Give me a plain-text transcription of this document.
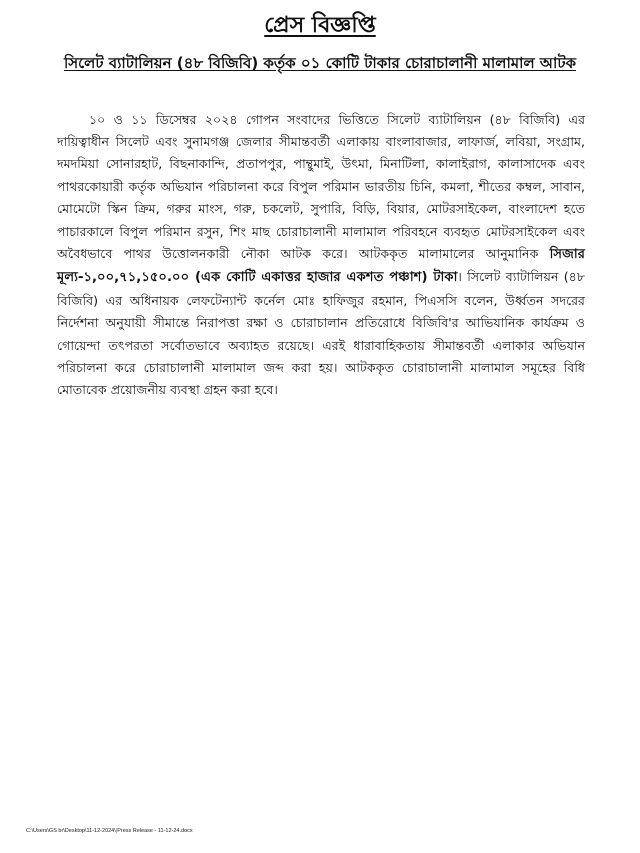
প্রেস বিজ্ঞপ্তি
সিলেট ব্যাটালিয়ন (৪৮ বিজিবি) কর্তৃক ০১ কোটি টাকার চোরাচালানী মালামাল আটক

১০ ও ১১ ডিসেম্বর ২০২৪ গোপন সংবাদের ভিত্তিতে সিলেট ব্যাটালিয়ন (৪৮ বিজিবি) এর দায়িত্বাধীন সিলেট এবং সুনামগঞ্জ জেলার সীমান্তবর্তী এলাকায় বাংলাবাজার, লাফার্জ, লবিয়া, সংগ্রাম, দমদমিয়া সোনারহাট, বিছনাকান্দি, প্রতাপপুর, পান্থুমাই, উৎমা, মিনাটিলা, কালাইরাগ, কালাসাদেক এবং পাথরকোয়ারী কর্তৃক অভিযান পরিচালনা করে বিপুল পরিমান ভারতীয় চিনি, কমলা, শীতের কম্বল, সাবান, মোমেটো স্কিন ক্রিম, গরুর মাংস, গরু, চকলেট, সুপারি, বিড়ি, বিয়ার, মোটরসাইকেল, বাংলাদেশ হতে পাচারকালে বিপুল পরিমান রসুন, শিং মাছ চোরাচালানী মালামাল পরিবহনে ব্যবহৃত মোটরসাইকেল এবং অবৈধভাবে পাথর উত্তোলনকারী নৌকা আটক করে। আটককৃত মালামালের আনুমানিক সিজার মূল্য-১,০০,৭১,১৫০.০০ (এক কোটি একাত্তর হাজার একশত পঞ্চাশ) টাকা। সিলেট ব্যাটালিয়ন (৪৮ বিজিবি) এর অধিনায়ক লেফটেন্যান্ট কর্নেল মোঃ হাফিজুর রহমান, পিএসসি বলেন, উর্ধ্বতন সদরের নির্দেশনা অনুযায়ী সীমান্তে নিরাপত্তা রক্ষা ও চোরাচালান প্রতিরোধে বিজিবি'র আভিযানিক কার্যক্রম ও গোয়েন্দা তৎপরতা সর্বোতভাবে অব্যাহত রয়েছে। এরই ধারাবাহিকতায় সীমান্তবর্তী এলাকার অভিযান পরিচালনা করে চোরাচালানী মালামাল জব্দ করা হয়। আটককৃত চোরাচালানী মালামাল সমূহের বিধি মোতাবেক প্রয়োজনীয় ব্যবস্থা গ্রহন করা হবে।

C:\Users\GS br\Desktop\11-12-2024\|Press Release - 11-12-24.docx
